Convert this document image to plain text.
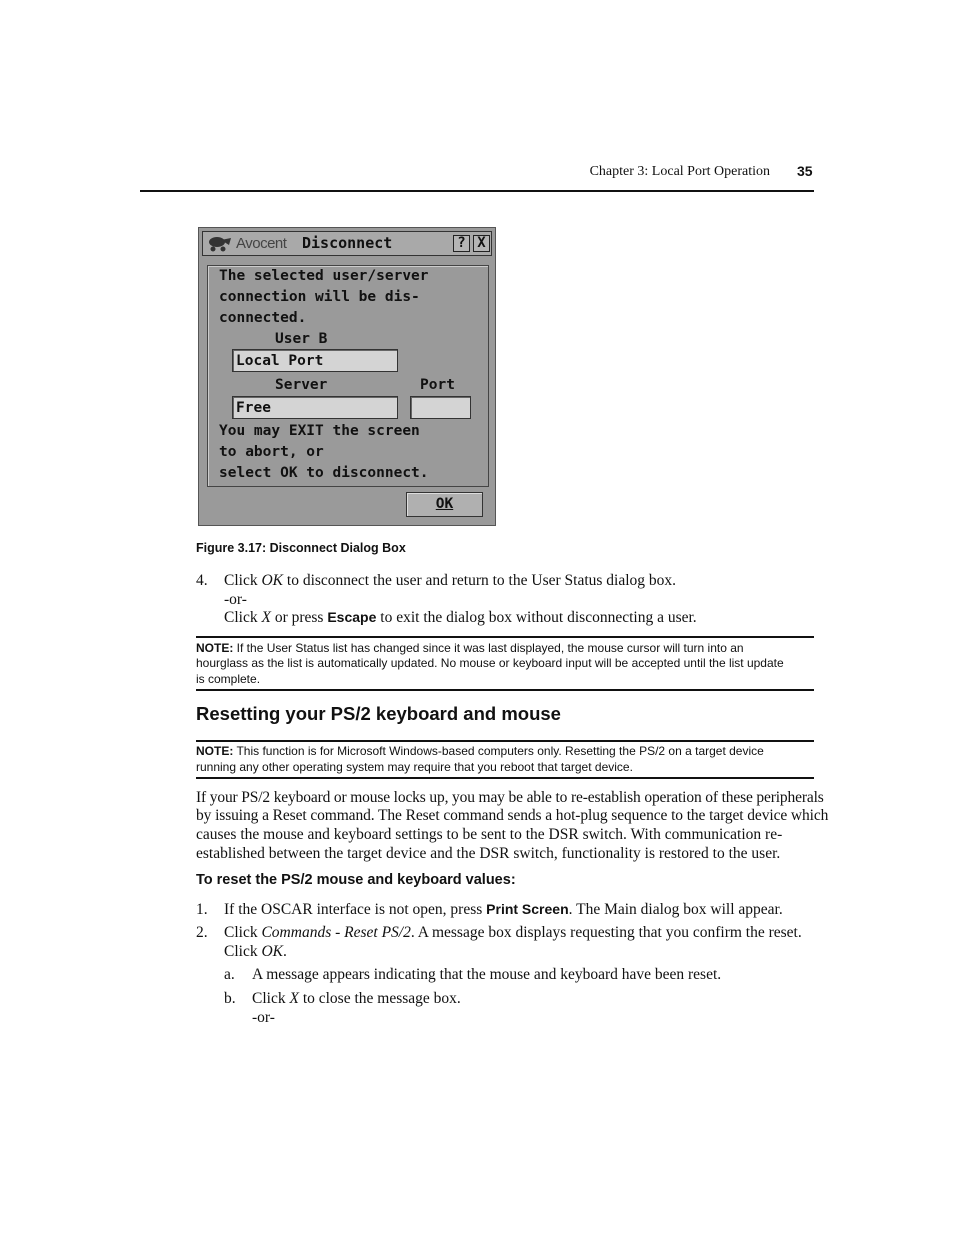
Chapter 3: Local Port Operation 35
Avocent Disconnect	? X
The selected user/server
connection will be dis-
connected.
User B
Local Port
Server	Port
Free
You may EXIT the screen
to abort, or
select OK to disconnect.
OK
Figure 3.17: Disconnect Dialog Box
4. Click OK to disconnect the user and return to the User Status dialog box.
-or-
Click X or press Escape to exit the dialog box without disconnecting a user.
NOTE: If the User Status list has changed since it was last displayed, the mouse cursor will turn into an
hourglass as the list is automatically updated. No mouse or keyboard input will be accepted until the list update
is complete.
Resetting your PS/2 keyboard and mouse
NOTE: This function is for Microsoft Windows-based computers only. Resetting the PS/2 on a target device
running any other operating system may require that you reboot that target device.
If your PS/2 keyboard or mouse locks up, you may be able to re-establish operation of these peripherals
by issuing a Reset command. The Reset command sends a hot-plug sequence to the target device which
causes the mouse and keyboard settings to be sent to the DSR switch. With communication re-
established between the target device and the DSR switch, functionality is restored to the user.
To reset the PS/2 mouse and keyboard values:
1. If the OSCAR interface is not open, press Print Screen. The Main dialog box will appear.
2. Click Commands - Reset PS/2. A message box displays requesting that you confirm the reset.
Click OK.
a. A message appears indicating that the mouse and keyboard have been reset.
b. Click X to close the message box.
-or-
